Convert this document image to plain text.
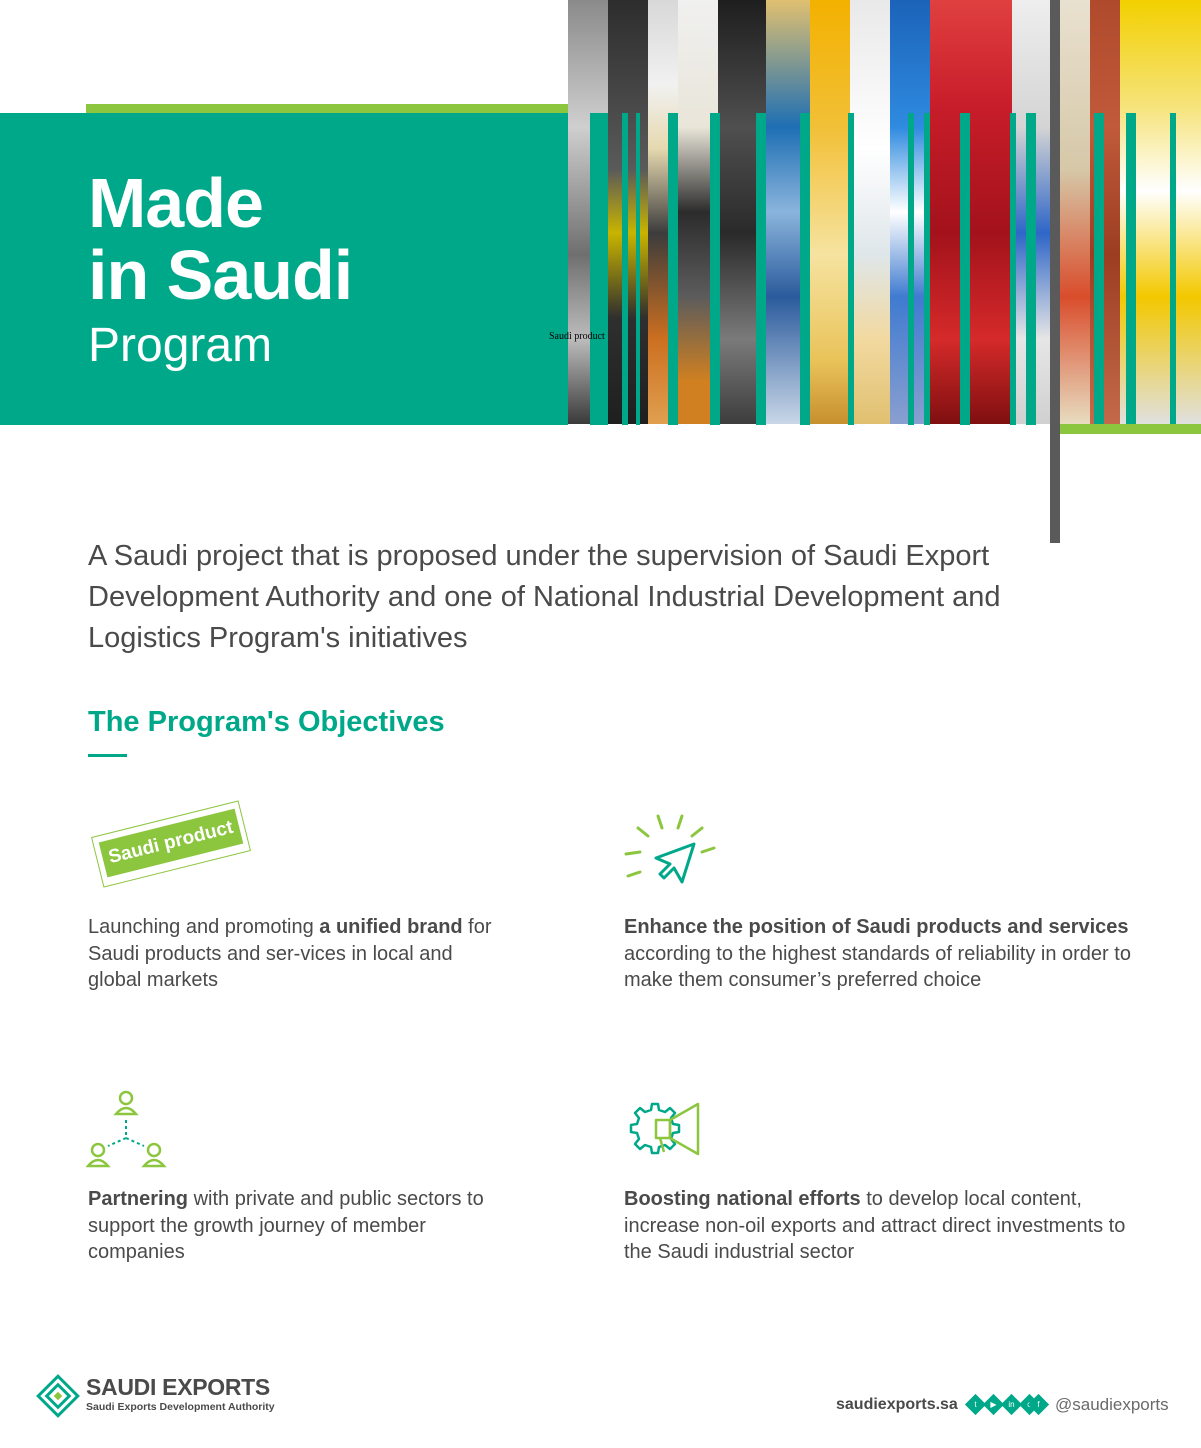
Made
in Saudi
Program	Saudi product
A Saudi project that is proposed under the supervision of Saudi Export Development Authority and one of National Industrial Development and Logistics Program's initiatives
The Program's Objectives
Saudi product
Launching and promoting a unified brand for Saudi products and ser-vices in local and global markets
Enhance the position of Saudi products and services according to the highest standards of reliability in order to make them consumer’s preferred choice
Partnering with private and public sectors to support the growth journey of member companies
Boosting national efforts to develop local content, increase non-oil exports and attract direct investments to the Saudi industrial sector
SAUDI EXPORTS
Saudi Exports Development Authority	saudiexports.sa	t	▶	in	f @saudiexports
